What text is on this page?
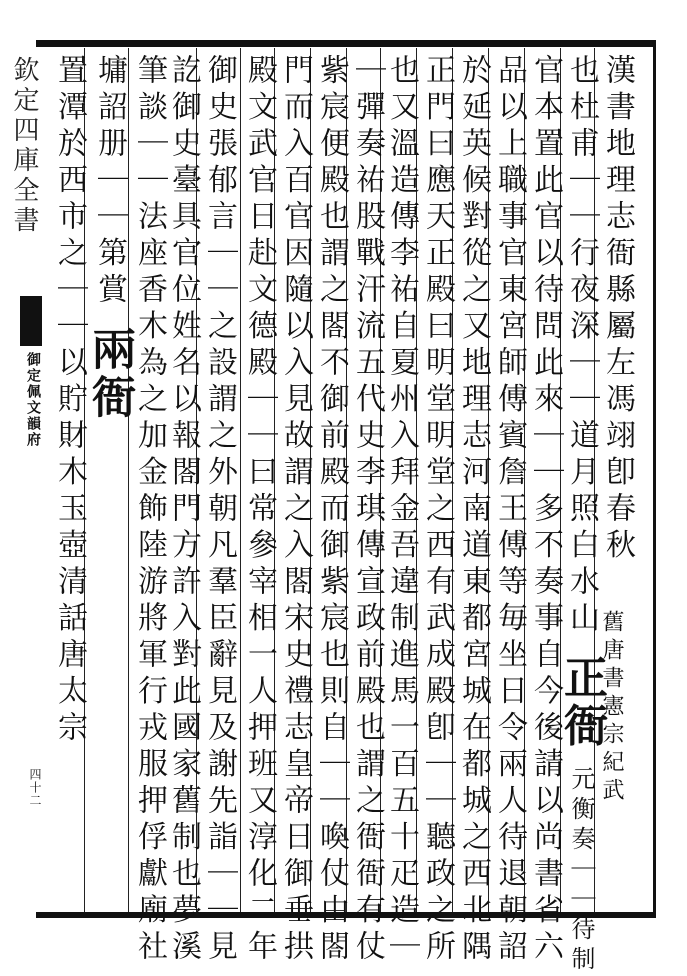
欽定四庫全書
御定佩文韻府
四十二
漢書地理志衙縣屬左馮翊卽春秋
也杜甫｜｜行夜深｜｜道月照白水山 正衙 元衡奏｜｜待制
官本置此官以待問此來｜｜多不奏事自今後請以尚書省六
品以上職事官東宮師傅賓詹王傅等毎坐日令兩人待退朝詔
於延英候對從之又地理志河南道東都宮城在都城之西北隅
正門曰應天正殿曰明堂明堂之西有武成殿卽｜｜聽政之所
也又溫造傳李祐自夏州入拜金吾違制進馬一百五十疋造｜
｜彈奏祐股戰汗流五代史李琪傳宣政前殿也謂之衙衙有仗
紫宸便殿也謂之閤不御前殿而御紫宸也則自｜｜喚仗由閤
門而入百官因隨以入見故謂之入閤宋史禮志皇帝日御垂拱
殿文武官日赴文德殿｜｜曰常參宰相一人押班又淳化二年
御史張郁言｜｜之設謂之外朝凡羣臣辭見及謝先詣｜｜見
訖御史臺具官位姓名以報閤門方許入對此國家舊制也夢溪
筆談｜｜法座香木為之加金飾陸游將軍行戎服押俘獻廟社
墉詔册｜｜第賞 兩衙
置潭於西市之｜｜以貯財木玉壺清話唐太宗	舊唐書憲宗紀武
